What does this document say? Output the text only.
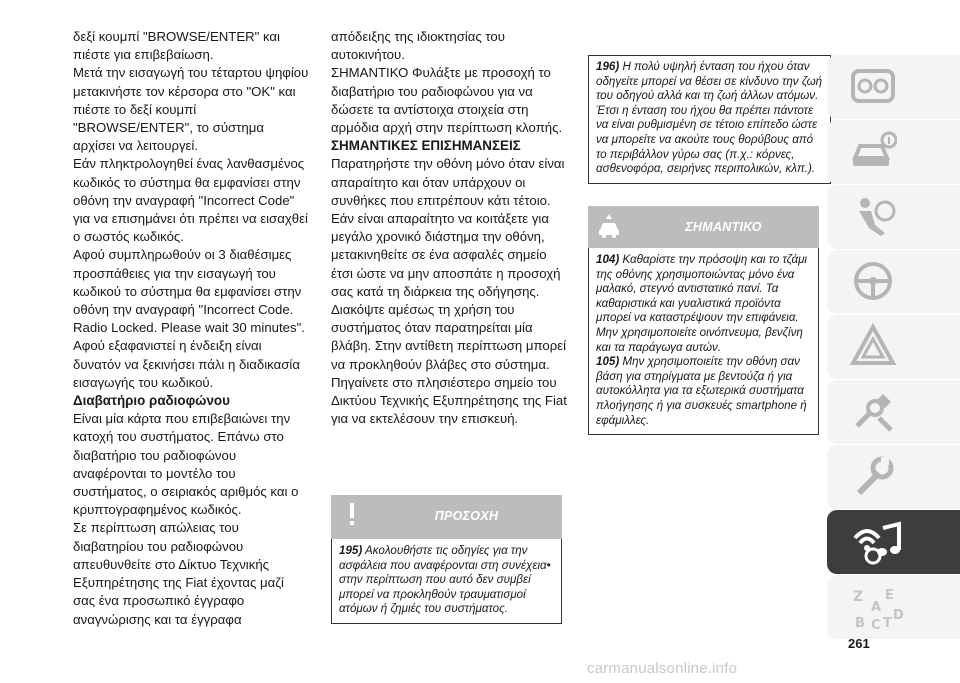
δεξί κουμπί "BROWSE/ENTER" και πιέστε για επιβεβαίωση.

Μετά την εισαγωγή του τέταρτου ψηφίου μετακινήστε τον κέρσορα στο "OK" και πιέστε το δεξί κουμπί "BROWSE/ENTER", το σύστημα αρχίσει να λειτουργεί.

Εάν πληκτρολογηθεί ένας λανθασμένος κωδικός το σύστημα θα εμφανίσει στην οθόνη την αναγραφή "Incorrect Code" για να επισημάνει ότι πρέπει να εισαχθεί ο σωστός κωδικός.

Αφού συμπληρωθούν οι 3 διαθέσιμες προσπάθειες για την εισαγωγή του κωδικού το σύστημα θα εμφανίσει στην οθόνη την αναγραφή "Incorrect Code. Radio Locked. Please wait 30 minutes". Αφού εξαφανιστεί η ένδειξη είναι δυνατόν να ξεκινήσει πάλι η διαδικασία εισαγωγής του κωδικού.

Διαβατήριο ραδιοφώνου

Είναι μία κάρτα που επιβεβαιώνει την κατοχή του συστήματος. Επάνω στο διαβατήριο του ραδιοφώνου αναφέρονται το μοντέλο του συστήματος, ο σειριακός αριθμός και ο κρυπτογραφημένος κωδικός.

Σε περίπτωση απώλειας του διαβατηρίου του ραδιοφώνου απευθυνθείτε στο Δίκτυο Τεχνικής Εξυπηρέτησης της Fiat έχοντας μαζί σας ένα προσωπικό έγγραφο αναγνώρισης και τα έγγραφα

απόδειξης της ιδιοκτησίας του αυτοκινήτου.

ΣΗΜΑΝΤΙΚΟ Φυλάξτε με προσοχή το διαβατήριο του ραδιοφώνου για να δώσετε τα αντίστοιχα στοιχεία στη αρμόδια αρχή στην περίπτωση κλοπής.

ΣΗΜΑΝΤΙΚΕΣ ΕΠΙΣΗΜΑΝΣΕΙΣ

Παρατηρήστε την οθόνη μόνο όταν είναι απαραίτητο και όταν υπάρχουν οι συνθήκες που επιτρέπουν κάτι τέτοιο. Εάν είναι απαραίτητο να κοιτάξετε για μεγάλο χρονικό διάστημα την οθόνη, μετακινηθείτε σε ένα ασφαλές σημείο έτσι ώστε να μην αποσπάτε η προσοχή σας κατά τη διάρκεια της οδήγησης.

Διακόψτε αμέσως τη χρήση του συστήματος όταν παρατηρείται μία βλάβη. Στην αντίθετη περίπτωση μπορεί να προκληθούν βλάβες στο σύστημα. Πηγαίνετε στο πλησιέστερο σημείο του Δικτύου Τεχνικής Εξυπηρέτησης της Fiat για να εκτελέσουν την επισκευή.

ΠΡΟΣΟΧΗ
195) Ακολουθήστε τις οδηγίες για την ασφάλεια που αναφέρονται στη συνέχεια• στην περίπτωση που αυτό δεν συμβεί μπορεί να προκληθούν τραυματισμοί ατόμων ή ζημιές του συστήματος.
196) Η πολύ υψηλή ένταση του ήχου όταν οδηγείτε μπορεί να θέσει σε κίνδυνο την ζωή του οδηγού αλλά και τη ζωή άλλων ατόμων. Έτσι η ένταση του ήχου θα πρέπει πάντοτε να είναι ρυθμισμένη σε τέτοιο επίπεδο ώστε να μπορείτε να ακούτε τους θορύβους από το περιβάλλον γύρω σας (π.χ.: κόρνες, ασθενοφόρα, σειρήνες περιπολικών, κλπ.).
ΣΗΜΑΝΤΙΚΟ
104) Καθαρίστε την πρόσοψη και το τζάμι της οθόνης χρησιμοποιώντας μόνο ένα μαλακό, στεγνό αντιστατικό πανί. Τα καθαριστικά και γυαλιστικά προϊόντα μπορεί να καταστρέψουν την επιφάνεια. Μην χρησιμοποιείτε οινόπνευμα, βενζίνη και τα παράγωγα αυτών.
105) Μην χρησιμοποιείτε την οθόνη σαν βάση για στηρίγματα με βεντούζα ή για αυτοκόλλητα για τα εξωτερικά συστήματα πλοήγησης ή για συσκευές smartphone ή εφάμιλλες.
Z E
A
B C T
D
261
carmanualsonline.info
